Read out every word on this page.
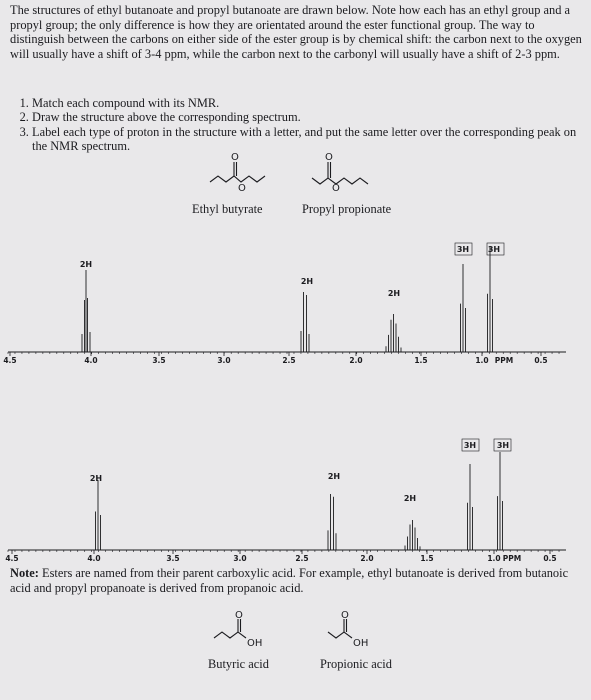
The structures of ethyl butanoate and propyl butanoate are drawn below. Note how each has an ethyl group and a propyl group; the only difference is how they are orientated around the ester functional group. The way to distinguish between the carbons on either side of the ester group is by chemical shift: the carbon next to the oxygen will usually have a shift of 3-4 ppm, while the carbon next to the carbonyl will usually have a shift of 2-3 ppm.

1. Match each compound with its NMR.
2. Draw the structure above the corresponding spectrum.
3. Label each type of proton in the structure with a letter, and put the same letter over the corresponding peak on the NMR spectrum.
O
O
O
O
Ethyl butyrate	Propyl propionate
4.5	4.0	3.5	3.0	2.5	2.0	1.5	1.0 PPM	0.5
2H
2H
2H
3H 3H
4.5	4.0	3.5	3.0	2.5	2.0	1.5	1.0 PPM	0.5
2H	2H
2H
3H	3H

Note: Esters are named from their parent carboxylic acid. For example, ethyl butanoate is derived from butanoic acid and propyl propanoate is derived from propanoic acid.

O
OH
O
OH
Butyric acid	Propionic acid
